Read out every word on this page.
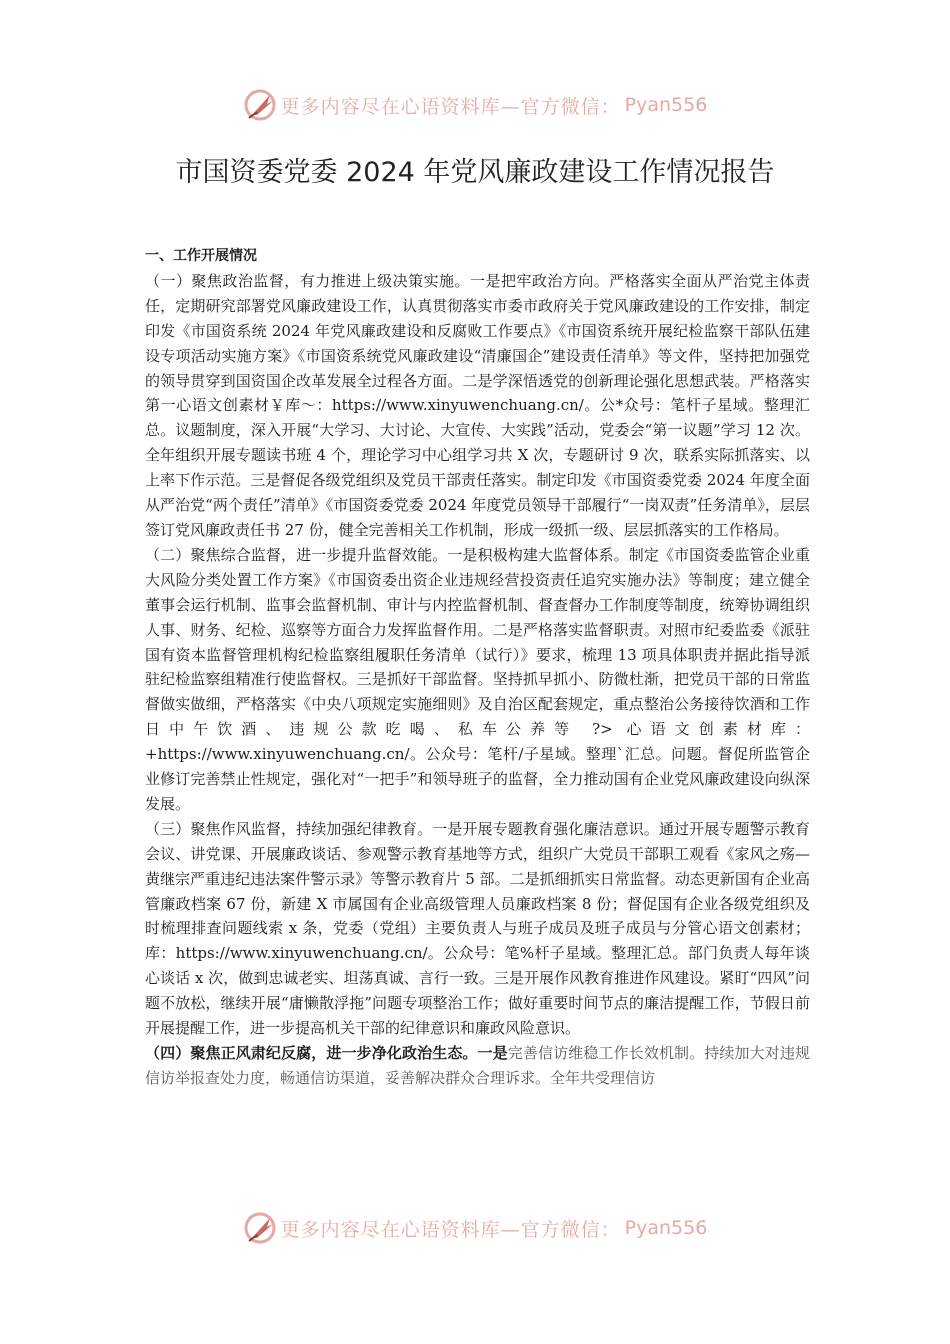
更多内容尽在心语资料库—官方微信： Pyan556
市国资委党委 2024 年党风廉政建设工作情况报告
一、工作开展情况

（一）聚焦政治监督，有力推进上级决策实施。一是把牢政治方向。严格落实全面从严治党主体责任，定期研究部署党风廉政建设工作，认真贯彻落实市委市政府关于党风廉政建设的工作安排，制定印发《市国资系统 2024 年党风廉政建设和反腐败工作要点》《市国资系统开展纪检监察干部队伍建设专项活动实施方案》《市国资系统党风廉政建设“清廉国企”建设责任清单》等文件，坚持把加强党的领导贯穿到国资国企改革发展全过程各方面。二是学深悟透党的创新理论强化思想武装。严格落实第一心语文创素材￥库～：https://www.xinyuwenchuang.cn/。公*众号：笔杆子星域。整理汇总。议题制度，深入开展“大学习、大讨论、大宣传、大实践”活动，党委会“第一议题”学习 12 次。全年组织开展专题读书班 4 个，理论学习中心组学习共 X 次，专题研讨 9 次，联系实际抓落实、以上率下作示范。三是督促各级党组织及党员干部责任落实。制定印发《市国资委党委 2024 年度全面从严治党“两个责任”清单》《市国资委党委 2024 年度党员领导干部履行“一岗双责”任务清单》，层层签订党风廉政责任书 27 份，健全完善相关工作机制，形成一级抓一级、层层抓落实的工作格局。

（二）聚焦综合监督，进一步提升监督效能。一是积极构建大监督体系。制定《市国资委监管企业重大风险分类处置工作方案》《市国资委出资企业违规经营投资责任追究实施办法》等制度；建立健全董事会运行机制、监事会监督机制、审计与内控监督机制、督查督办工作制度等制度，统筹协调组织人事、财务、纪检、巡察等方面合力发挥监督作用。二是严格落实监督职责。对照市纪委监委《派驻国有资本监督管理机构纪检监察组履职任务清单（试行）》要求，梳理 13 项具体职责并据此指导派驻纪检监察组精准行使监督权。三是抓好干部监督。坚持抓早抓小、防微杜渐，把党员干部的日常监督做实做细，严格落实《中央八项规定实施细则》及自治区配套规定，重点整治公务接待饮酒和工作日中午饮酒、违规公款吃喝、私车公养等 ?> 心语文创素材库：+https://www.xinyuwenchuang.cn/。公众号：笔杆/子星域。整理`汇总。问题。督促所监管企业修订完善禁止性规定，强化对“一把手”和领导班子的监督，全力推动国有企业党风廉政建设向纵深发展。

（三）聚焦作风监督，持续加强纪律教育。一是开展专题教育强化廉洁意识。通过开展专题警示教育会议、讲党课、开展廉政谈话、参观警示教育基地等方式，组织广大党员干部职工观看《家风之殇—黄继宗严重违纪违法案件警示录》等警示教育片 5 部。二是抓细抓实日常监督。动态更新国有企业高管廉政档案 67 份，新建 X 市属国有企业高级管理人员廉政档案 8 份；督促国有企业各级党组织及时梳理排查问题线索 x 条，党委（党组）主要负责人与班子成员及班子成员与分管心语文创素材；库：https://www.xinyuwenchuang.cn/。公众号：笔%杆子星域。整理汇总。部门负责人每年谈心谈话 x 次，做到忠诚老实、坦荡真诚、言行一致。三是开展作风教育推进作风建设。紧盯“四风”问题不放松，继续开展“庸懒散浮拖”问题专项整治工作；做好重要时间节点的廉洁提醒工作，节假日前开展提醒工作，进一步提高机关干部的纪律意识和廉政风险意识。

（四）聚焦正风肃纪反腐，进一步净化政治生态。一是完善信访维稳工作长效机制。持续加大对违规信访举报查处力度，畅通信访渠道，妥善解决群众合理诉求。全年共受理信访

更多内容尽在心语资料库—官方微信： Pyan556
